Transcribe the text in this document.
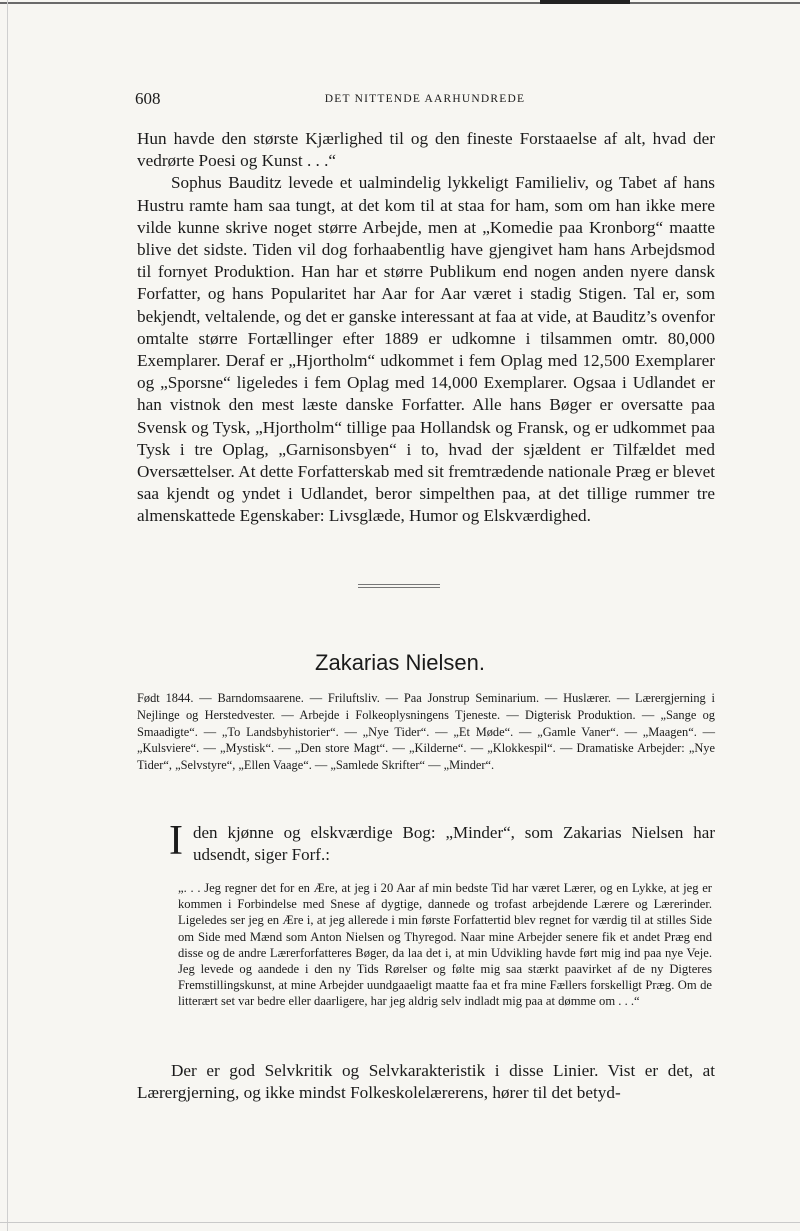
608	DET NITTENDE AARHUNDREDE

Hun havde den største Kjærlighed til og den fineste Forstaaelse af alt, hvad der vedrørte Poesi og Kunst . . .“

Sophus Bauditz levede et ualmindelig lykkeligt Familieliv, og Tabet af hans Hustru ramte ham saa tungt, at det kom til at staa for ham, som om han ikke mere vilde kunne skrive noget større Arbejde, men at „Komedie paa Kronborg“ maatte blive det sidste. Tiden vil dog forhaabentlig have gjengivet ham hans Arbejdsmod til fornyet Produktion. Han har et større Publikum end nogen anden nyere dansk Forfatter, og hans Popularitet har Aar for Aar været i stadig Stigen. Tal er, som bekjendt, veltalende, og det er ganske interessant at faa at vide, at Bauditz’s ovenfor omtalte større Fortællinger efter 1889 er udkomne i tilsammen omtr. 80,000 Exemplarer. Deraf er „Hjortholm“ udkommet i fem Oplag med 12,500 Exemplarer og „Sporsne“ ligeledes i fem Oplag med 14,000 Exemplarer. Ogsaa i Udlandet er han vistnok den mest læste danske Forfatter. Alle hans Bøger er oversatte paa Svensk og Tysk, „Hjortholm“ tillige paa Hollandsk og Fransk, og er udkommet paa Tysk i tre Oplag, „Garnisonsbyen“ i to, hvad der sjældent er Tilfældet med Oversættelser. At dette Forfatterskab med sit fremtrædende nationale Præg er blevet saa kjendt og yndet i Udlandet, beror simpelthen paa, at det tillige rummer tre almenskattede Egenskaber: Livsglæde, Humor og Elskværdighed.

Zakarias Nielsen.

Født 1844. — Barndomsaarene. — Friluftsliv. — Paa Jonstrup Seminarium. — Huslærer. — Lærergjerning i Nejlinge og Herstedvester. — Arbejde i Folkeoplysningens Tjeneste. — Digterisk Produktion. — „Sange og Smaadigte“. — „To Landsbyhistorier“. — „Nye Tider“. — „Et Møde“. — „Gamle Vaner“. — „Maagen“. — „Kulsviere“. — „Mystisk“. — „Den store Magt“. — „Kilderne“. — „Klokkespil“. — Dramatiske Arbejder: „Nye Tider“, „Selvstyre“, „Ellen Vaage“. — „Samlede Skrifter“ — „Minder“.

I den kjønne og elskværdige Bog: „Minder“, som Zakarias Nielsen har udsendt, siger Forf.:

„. . . Jeg regner det for en Ære, at jeg i 20 Aar af min bedste Tid har været Lærer, og en Lykke, at jeg er kommen i Forbindelse med Snese af dygtige, dannede og trofast arbejdende Lærere og Lærerinder. Ligeledes ser jeg en Ære i, at jeg allerede i min første Forfattertid blev regnet for værdig til at stilles Side om Side med Mænd som Anton Nielsen og Thyregod. Naar mine Arbejder senere fik et andet Præg end disse og de andre Lærerforfatteres Bøger, da laa det i, at min Udvikling havde ført mig ind paa nye Veje. Jeg levede og aandede i den ny Tids Rørelser og følte mig saa stærkt paavirket af de ny Digteres Fremstillingskunst, at mine Arbejder uundgaaeligt maatte faa et fra mine Fællers forskelligt Præg. Om de litterært set var bedre eller daarligere, har jeg aldrig selv indladt mig paa at dømme om . . .“

Der er god Selvkritik og Selvkarakteristik i disse Linier. Vist er det, at Lærergjerning, og ikke mindst Folkeskolelærerens, hører til det betyd-
